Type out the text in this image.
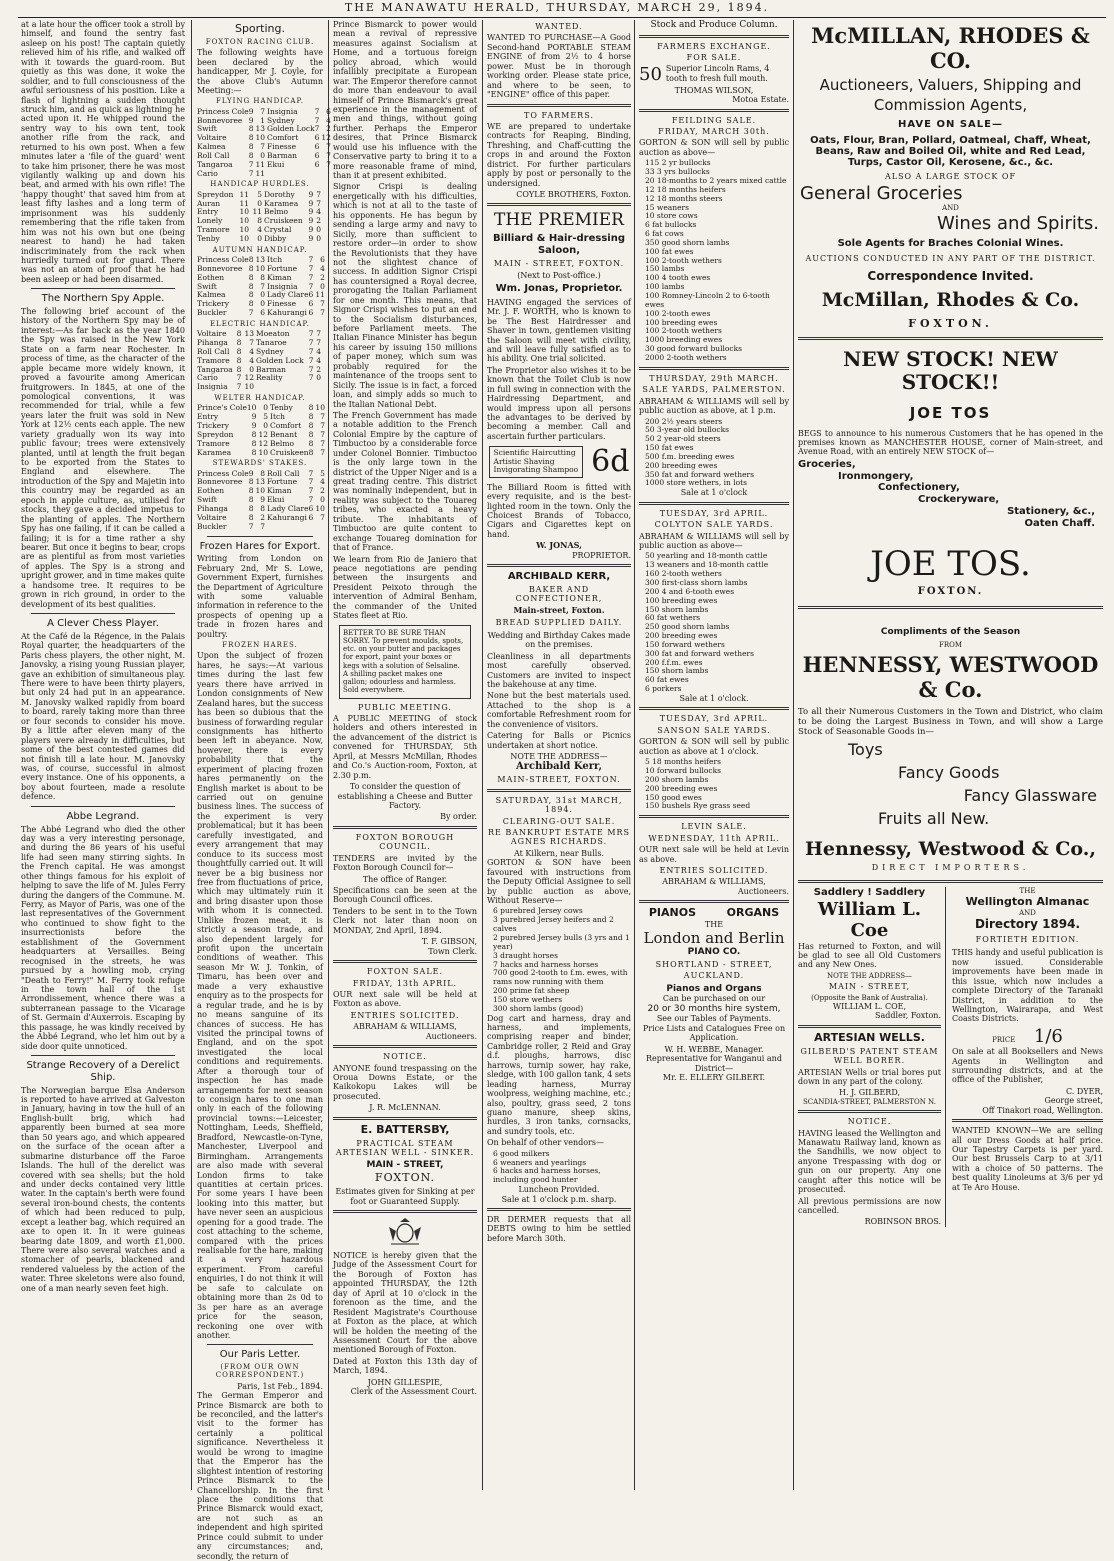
THE MANAWATU HERALD, THURSDAY, MARCH 29, 1894.

at a late hour the officer took a stroll by himself, and found the sentry fast asleep on his post! The captain quietly relieved him of his rifle, and walked off with it towards the guard-room. But quietly as this was done, it woke the soldier, and to full consciousness of the awful seriousness of his position. Like a flash of lightning a sudden thought struck him, and as quick as lightning he acted upon it. He whipped round the sentry way to his own tent, took another rifle from the rack, and returned to his own post. When a few minutes later a 'file of the guard' went to take him prisoner, there he was most vigilantly walking up and down his beat, and armed with his own rifle! The 'happy thought' that saved him from at least fifty lashes and a long term of imprisonment was his suddenly remembering that the rifle taken from him was not his own but one (being nearest to hand) he had taken indiscriminately from the rack when hurriedly turned out for guard. There was not an atom of proof that he had been asleep or had been disarmed.

The Northern Spy Apple.

The following brief account of the history of the Northern Spy may be of interest:—As far back as the year 1840 the Spy was raised in the New York State on a farm near Rochester. In process of time, as the character of the apple became more widely known, it proved a favourite among American fruitgrowers. In 1845, at one of the pomological conventions, it was recommended for trial, while a few years later the fruit was sold in New York at 12½ cents each apple. The new variety gradually won its way into public favour; trees were extensively planted, until at length the fruit began to be exported from the States to England and elsewhere. The introduction of the Spy and Majetin into this country may be regarded as an epoch in apple culture, as, utilised for stocks, they gave a decided impetus to the planting of apples. The Northern Spy has one failing, if it can be called a failing; it is for a time rather a shy bearer. But once it begins to bear, crops are as plentiful as from most varieties of apples. The Spy is a strong and upright grower, and in time makes quite a handsome tree. It requires to be grown in rich ground, in order to the development of its best qualities.

A Clever Chess Player.

At the Café de la Régence, in the Palais Royal quarter, the headquarters of the Paris chess players, the other night, M. Janovsky, a rising young Russian player, gave an exhibition of simultaneous play. There were to have been thirty players, but only 24 had put in an appearance. M. Janovsky walked rapidly from board to board, rarely taking more than three or four seconds to consider his move. By a little after eleven many of the players were already in difficulties, but some of the best contested games did not finish till a late hour. M. Janovsky was, of course, successful in almost every instance. One of his opponents, a boy about fourteen, made a resolute defence.

Abbe Legrand.

The Abbé Legrand who died the other day was a very interesting personage, and during the 86 years of his useful life had seen many stirring sights. In the French capital. He was amongst other things famous for his exploit of helping to save the life of M. Jules Ferry during the dangers of the Commune. M. Ferry, as Mayor of Paris, was one of the last representatives of the Government who continued to show fight to the insurrectionists before the establishment of the Government headquarters at Versailles. Being recognised in the streets, he was pursued by a howling mob, crying "Death to Ferry!" M. Ferry took refuge in the town hall of the 1st Arrondissement, whence there was a subterranean passage to the Vicarage of St. Germain d'Auxerrois. Escaping by this passage, he was kindly received by the Abbé Legrand, who let him out by a side door quite unnoticed.

Strange Recovery of a Derelict Ship.

The Norwegian barque Elsa Anderson is reported to have arrived at Galveston in January, having in tow the hull of an English-built brig, which had apparently been burned at sea more than 50 years ago, and which appeared on the surface of the ocean after a submarine disturbance off the Faroe Islands. The hull of the derelict was covered with sea shells; but the hold and under decks contained very little water. In the captain's berth were found several iron-bound chests, the contents of which had been reduced to pulp, except a leather bag, which required an axe to open it. In it were guineas bearing date 1809, and worth £1,000. There were also several watches and a stomacher of pearls, blackened and rendered valueless by the action of the water. Three skeletons were also found, one of a man nearly seven feet high.

Sporting.
FOXTON RACING CLUB.

The following weights have been declared by the handicapper, Mr J. Coyle, for the above Club's Autumn Meeting:—

FLYING HANDICAP.
Princess Cole	9	7	Insignia	7	6
Bonnevoree	9	1	Sydney	7	4
Swift	8	13	Golden Lock	7	2
Voltaire	8	10	Comfort	6	12
Kalmea	8	7	Finesse	6	7
Roll Call	8	0	Barman	6	7
Tangaroa	7	11	Ekui	6	7
Cario	7	11			
HANDICAP HURDLES.
Spreydon	11	5	Dorothy	9	7
Auran	11	0	Karamea	9	7
Entry	10	11	Belmo	9	4
Lonely	10	8	Cruiskeen	9	2
Tramore	10	4	Crystal	9	0
Tenby	10	0	Dibby	9	0
AUTUMN HANDICAP.
Princess Cole	8	13	Itch	7	6
Bonnevoree	8	10	Fortune	7	4
Eothen	8	8	Kiman	7	2
Swift	8	7	Insignia	7	0
Kalmea	8	0	Lady Clare	6	11
Trickery	8	0	Finesse	6	7
Buckler	7	6	Kahurangi	6	7
ELECTRIC HANDICAP.
Voltaire	8	13	Moeaton	7	7
Pihanga	8	7	Tanaroe	7	7
Roll Call	8	4	Sydney	7	4
Tramore	8	4	Golden Lock	7	4
Tangaroa	8	0	Barman	7	2
Cario	7	12	Reality	7	0
Insignia	7	10			
WELTER HANDICAP.
Prince's Cole	10	0	Tenby	8	10
Entry	9	5	Itch	8	7
Trickery	9	0	Comfort	8	7
Spreydon	8	12	Benant	8	7
Tramore	8	12	Belmo	8	7
Karamea	8	10	Cruiskeen	8	7
STEWARDS' STAKES.
Princess Cole	9	8	Roll Call	7	5
Bonnevoree	8	13	Fortune	7	4
Eothen	8	10	Kiman	7	2
Swift	8	9	Ekui	7	0
Pihanga	8	8	Lady Clare	6	10
Voltaire	8	2	Kahurangi	6	7
Buckler	7	7			
Frozen Hares for Export.

Writing from London on February 2nd, Mr S. Lowe, Government Expert, furnishes the Department of Agriculture with some valuable information in reference to the prospects of opening up a trade in frozen hares and poultry.

FROZEN HARES.

Upon the subject of frozen hares, he says:—At various times during the last few years there have arrived in London consignments of New Zealand hares, but the success has been so dubious that the business of forwarding regular consignments has hitherto been left in abeyance. Now, however, there is every probability that the experiment of placing frozen hares permanently on the English market is about to be carried out on genuine business lines. The success of the experiment is very problematical; but it has been carefully investigated, and every arrangement that may conduce to its success most thoughtfully carried out. It will never be a big business nor free from fluctuations of price, which may ultimately ruin it and bring disaster upon those with whom it is connected. Unlike frozen meat, it is strictly a season trade, and also dependent largely for profit upon the uncertain conditions of weather. This season Mr W. J. Tonkin, of Timaru, has been over and made a very exhaustive enquiry as to the prospects for a regular trade, and he is by no means sanguine of its chances of success. He has visited the principal towns of England, and on the spot investigated the local conditions and requirements. After a thorough tour of inspection he has made arrangements for next season to consign hares to one man only in each of the following provincial towns:—Leicester, Nottingham, Leeds, Sheffield, Bradford, Newcastle-on-Tyne, Manchester, Liverpool and Birmingham. Arrangements are also made with several London firms to take quantities at certain prices. For some years I have been looking into this matter, but have never seen an auspicious opening for a good trade. The cost attaching to the scheme, compared with the prices realisable for the hare, making it a very hazardous experiment. From careful enquiries, I do not think it will be safe to calculate on obtaining more than 2s 0d to 3s per hare as an average price for the season, reckoning one over with another.

Our Paris Letter.
(FROM OUR OWN CORRESPONDENT.)
Paris, 1st Feb., 1894.

The German Emperor and Prince Bismarck are both to be reconciled, and the latter's visit to the former has certainly a political significance. Nevertheless it would be wrong to imagine that the Emperor has the slightest intention of restoring Prince Bismarck to the Chancellorship. In the first place the conditions that Prince Bismarck would exact, are not such as an independent and high spirited Prince could submit to under any circumstances; and, secondly, the return of

Prince Bismarck to power would mean a revival of repressive measures against Socialism at Home, and a tortuous foreign policy abroad, which would infallibly precipitate a European war. The Emperor therefore cannot do more than endeavour to avail himself of Prince Bismarck's great experience in the management of men and things, without going further. Perhaps the Emperor desires, that Prince Bismarck would use his influence with the Conservative party to bring it to a more reasonable frame of mind, than it at present exhibited.

Signor Crispi is dealing energetically with his difficulties, which is not at all to the taste of his opponents. He has begun by sending a large army and navy to Sicily, more than sufficient to restore order—in order to show the Revolutionists that they have not the slightest chance of success. In addition Signor Crispi has countersigned a Royal decree, prorogating the Italian Parliament for one month. This means, that Signor Crispi wishes to put an end to the Socialism disturbances, before Parliament meets. The Italian Finance Minister has begun his career by issuing 150 millions of paper money, which sum was probably required for the maintenance of the troops sent to Sicily. The issue is in fact, a forced loan, and simply adds so much to the Italian National Debt.

The French Government has made a notable addition to the French Colonial Empire by the capture of Timbuctoo by a considerable force under Colonel Bonnier. Timbuctoo is the only large town in the district of the Upper Niger and is a great trading centre. This district was nominally independent, but in reality was subject to the Touareg tribes, who exacted a heavy tribute. The inhabitants of Timbuctoo are quite content to exchange Touareg domination for that of France.

We learn from Rio de Janiero that peace negotiations are pending between the insurgents and President Peixoto through the intervention of Admiral Benham, the commander of the United States fleet at Rio.

BETTER TO BE SURE THAN SORRY. To prevent moulds, spots, etc. on your butter and packages for export, paint your boxes or kegs with a solution of Selsaline. A shilling packet makes one gallon; odourless and harmless. Sold everywhere.
PUBLIC MEETING.

A PUBLIC MEETING of stock holders and others interested in the advancement of the district is convened for THURSDAY, 5th April, at Messrs McMillan, Rhodes and Co.'s Auction-room, Foxton, at 2.30 p.m.

To consider the question of establishing a Cheese and Butter Factory.

By order.
FOXTON BOROUGH COUNCIL.

TENDERS are invited by the Foxton Borough Council for—

The office of Ranger.

Specifications can be seen at the Borough Council offices.

Tenders to be sent in to the Town Clerk not later than noon on MONDAY, 2nd April, 1894.

T. F. GIBSON,
Town Clerk.
FOXTON SALE.
FRIDAY, 13th APRIL.

OUR next sale will be held at Foxton as above.

ENTRIES SOLICITED.
ABRAHAM & WILLIAMS,
Auctioneers.
NOTICE.

ANYONE found trespassing on the Oroua Downs Estate, or the Kaikokopu Lakes will be prosecuted.

J. R. McLENNAN.
E. BATTERSBY,
PRACTICAL STEAM ARTESIAN WELL - SINKER.
MAIN - STREET,
FOXTON.

Estimates given for Sinking at per foot or Guaranteed Supply.

NOTICE is hereby given that the Judge of the Assessment Court for the Borough of Foxton has appointed THURSDAY, the 12th day of April at 10 o'clock in the forenoon as the time, and the Resident Magistrate's Courthouse at Foxton as the place, at which will be holden the meeting of the Assessment Court for the above mentioned Borough of Foxton.

Dated at Foxton this 13th day of March, 1894.

JOHN GILLESPIE,
Clerk of the Assessment Court.
WANTED.

WANTED TO PURCHASE—A Good Second-hand PORTABLE STEAM ENGINE of from 2½ to 4 horse power. Must be in thorough working order. Please state price, and where to be seen, to "ENGINE" office of this paper.

TO FARMERS.

WE are prepared to undertake contracts for Reaping, Binding, Threshing, and Chaff-cutting the crops in and around the Foxton district. For further particulars apply by post or personally to the undersigned.

COYLE BROTHERS, Foxton.
THE PREMIER
Billiard & Hair-dressing Saloon,
MAIN - STREET, FOXTON.
(Next to Post-office.)
Wm. Jonas, Proprietor.

HAVING engaged the services of Mr. J. F. WORTH, who is known to be The Best Hairdresser and Shaver in town, gentlemen visiting the Saloon will meet with civility, and will leave fully satisfied as to his ability. One trial solicited.

The Proprietor also wishes it to be known that the Toilet Club is now in full swing in connection with the Hairdressing Department, and would impress upon all persons the advantages to be derived by becoming a member. Call and ascertain further particulars.

Scientific Haircutting
Artistic Shaving
Invigorating Shampoo 6d

The Billiard Room is fitted with every requisite, and is the best-lighted room in the town. Only the Choicest Brands of Tobacco, Cigars and Cigarettes kept on hand.

W. JONAS,
PROPRIETOR.
ARCHIBALD KERR,
BAKER AND CONFECTIONER,
Main-street, Foxton.
BREAD SUPPLIED DAILY.

Wedding and Birthday Cakes made on the premises.

Cleanliness in all departments most carefully observed. Customers are invited to inspect the bakehouse at any time.

None but the best materials used. Attached to the shop is a comfortable Refreshment room for the convenience of visitors.

Catering for Balls or Picnics undertaken at short notice.

NOTE THE ADDRESS—
Archibald Kerr,
MAIN-STREET, FOXTON.
SATURDAY, 31st MARCH, 1894.
CLEARING-OUT SALE.
RE BANKRUPT ESTATE MRS AGNES RICHARDS.
At Kilkern, near Bulls.

GORTON & SON have been favoured with instructions from the Deputy Official Assignee to sell by public auction as above, Without Reserve—

6 purebred Jersey cows
3 purebred Jersey heifers and 2 calves
2 purebred Jersey bulls (3 yrs and 1 year)
3 draught horses
7 hacks and harness horses
700 good 2-tooth to f.m. ewes, with rams now running with them
200 prime fat sheep
150 store wethers
300 shorn lambs (good)

Dog cart and harness, dray and harness, and implements, comprising reaper and binder, Cambridge roller, 2 Reid and Gray d.f. ploughs, harrows, disc harrows, turnip sower, hay rake, sledge, with 100 gallon tank, 4 sets leading harness, Murray woolpress, weighing machine, etc.; also, poultry, grass seed, 2 tons guano manure, sheep skins, hurdles, 3 iron tanks, cornsacks, and sundry tools, etc.

On behalf of other vendors—

6 good milkers
6 weaners and yearlings
6 hacks and harness horses, including good hunter
Luncheon Provided.
Sale at 1 o'clock p.m. sharp.

DR DERMER requests that all DEBTS owing to him be settled before March 30th.

Stock and Produce Column.
FARMERS EXCHANGE.
FOR SALE.
50 Superior Lincoln Rams, 4 tooth to fresh full mouth.
THOMAS WILSON,
Motoa Estate.
FEILDING SALE.
FRIDAY, MARCH 30th.

GORTON & SON will sell by public auction as above—

115 2 yr bullocks
33 3 yrs bullocks
20 18-months to 2 years mixed cattle
12 18 months heifers
12 18 months steers
15 weaners
10 store cows
6 fat bullocks
6 fat cows
350 good shorn lambs
100 fat ewes
100 2-tooth wethers
150 lambs
100 4 tooth ewes
100 lambs
100 Romney-Lincoln 2 to 6-tooth ewes
100 2-tooth ewes
100 breeding ewes
100 2-tooth wethers
1000 breeding ewes
30 good forward bullocks
2000 2-tooth wethers
THURSDAY, 29th MARCH.
SALE YARDS, PALMERSTON.

ABRAHAM & WILLIAMS will sell by public auction as above, at 1 p.m.

200 2½ years steers
50 3-year old bullocks
50 2 year-old steers
150 fat ewes
500 f.m. breeding ewes
200 breeding ewes
350 fat and forward wethers
1000 store wethers, in lots
Sale at 1 o'clock
TUESDAY, 3rd APRIL.
COLYTON SALE YARDS.

ABRAHAM & WILLIAMS will sell by public auction as above—

50 yearling and 18-month cattle
13 weaners and 18-month cattle
160 2-tooth wethers
300 first-class shorn lambs
200 4 and 6-tooth ewes
100 breeding ewes
150 shorn lambs
60 fat wethers
250 good shorn lambs
200 breeding ewes
150 forward wethers
300 fat and forward wethers
200 f.f.m. ewes
150 shorn lambs
60 fat ewes
6 porkers
Sale at 1 o'clock.
TUESDAY, 3rd APRIL.
SANSON SALE YARDS.

GORTON & SON will sell by public auction as above at 1 o'clock.

5 18 months heifers
10 forward bullocks
200 shorn lambs
200 breeding ewes
150 good ewes
150 bushels Rye grass seed
LEVIN SALE.
WEDNESDAY, 11th APRIL.

OUR next sale will be held at Levin as above.

ENTRIES SOLICITED.
ABRAHAM & WILLIAMS,
Auctioneers.
PIANOS        ORGANS
THE
London and Berlin
PIANO CO.
SHORTLAND - STREET,
AUCKLAND.
Pianos and Organs
Can be purchased on our
20 or 30 months hire system,
See our Tables of Payments.

Price Lists and Catalogues Free on Application.

W. H. WEBBE, Manager.
Representative for Wanganui and District—
Mr. E. ELLERY GILBERT.
McMILLAN, RHODES & CO.
Auctioneers, Valuers, Shipping and
Commission Agents,
HAVE ON SALE—
Oats, Flour, Bran, Pollard, Oatmeal, Chaff, Wheat, Beans, Raw and Boiled Oil, white and Red Lead, Turps, Castor Oil, Kerosene, &c., &c.
ALSO A LARGE STOCK OF
General Groceries
AND
Wines and Spirits.
Sole Agents for Braches Colonial Wines.
AUCTIONS CONDUCTED IN ANY PART OF THE DISTRICT.
Correspondence Invited.
McMillan, Rhodes & Co.
FOXTON.
NEW STOCK! NEW STOCK!!
JOE TOS

BEGS to announce to his numerous Customers that he has opened in the premises known as MANCHESTER HOUSE, corner of Main-street, and Avenue Road, with an entirely NEW STOCK of—

Groceries,
Ironmongery,
Confectionery,
Crockeryware,
Stationery, &c.,
Oaten Chaff.
JOE TOS.
FOXTON.
Compliments of the Season
FROM
HENNESSY, WESTWOOD & Co.

To all their Numerous Customers in the Town and District, who claim to be doing the Largest Business in Town, and will show a Large Stock of Seasonable Goods in—

Toys
Fancy Goods
Fancy Glassware
Fruits all New.
Hennessy, Westwood & Co.,
DIRECT IMPORTERS.
Saddlery ! Saddlery
William L. Coe

Has returned to Foxton, and will be glad to see all Old Customers and any New Ones.

NOTE THE ADDRESS—
MAIN - STREET,
(Opposite the Bank of Australia).
WILLIAM L. COE,
Saddler, Foxton.
ARTESIAN WELLS.
GILBERD'S PATENT STEAM WELL BORER.

ARTESIAN Wells or trial bores put down in any part of the colony.

H. J. GILBERD,
SCANDIA-STREET, PALMERSTON N.
NOTICE.

HAVING leased the Wellington and Manawatu Railway land, known as the Sandhills, we now object to anyone Trespassing with dog or gun on our property. Any one caught after this notice will be prosecuted.

All previous permissions are now cancelled.

ROBINSON BROS.
THE
Wellington Almanac
AND
Directory 1894.
FORTIETH EDITION.

THIS handy and useful publication is now issued. Considerable improvements have been made in this issue, which now includes a complete Directory of the Taranaki District, in addition to the Wellington, Wairarapa, and West Coasts Districts.

PRICE 1/6

On sale at all Booksellers and News Agents in Wellington and surrounding districts, and at the office of the Publisher,

C. DYER,
George street,
Off Tinakori road, Wellington.

WANTED KNOWN—We are selling all our Dress Goods at half price. Our Tapestry Carpets is per yard. Our best Brussels Carp to at 3/11 with a choice of 50 patterns. The best quality Linoleums at 3/6 per yd at Te Aro House.
